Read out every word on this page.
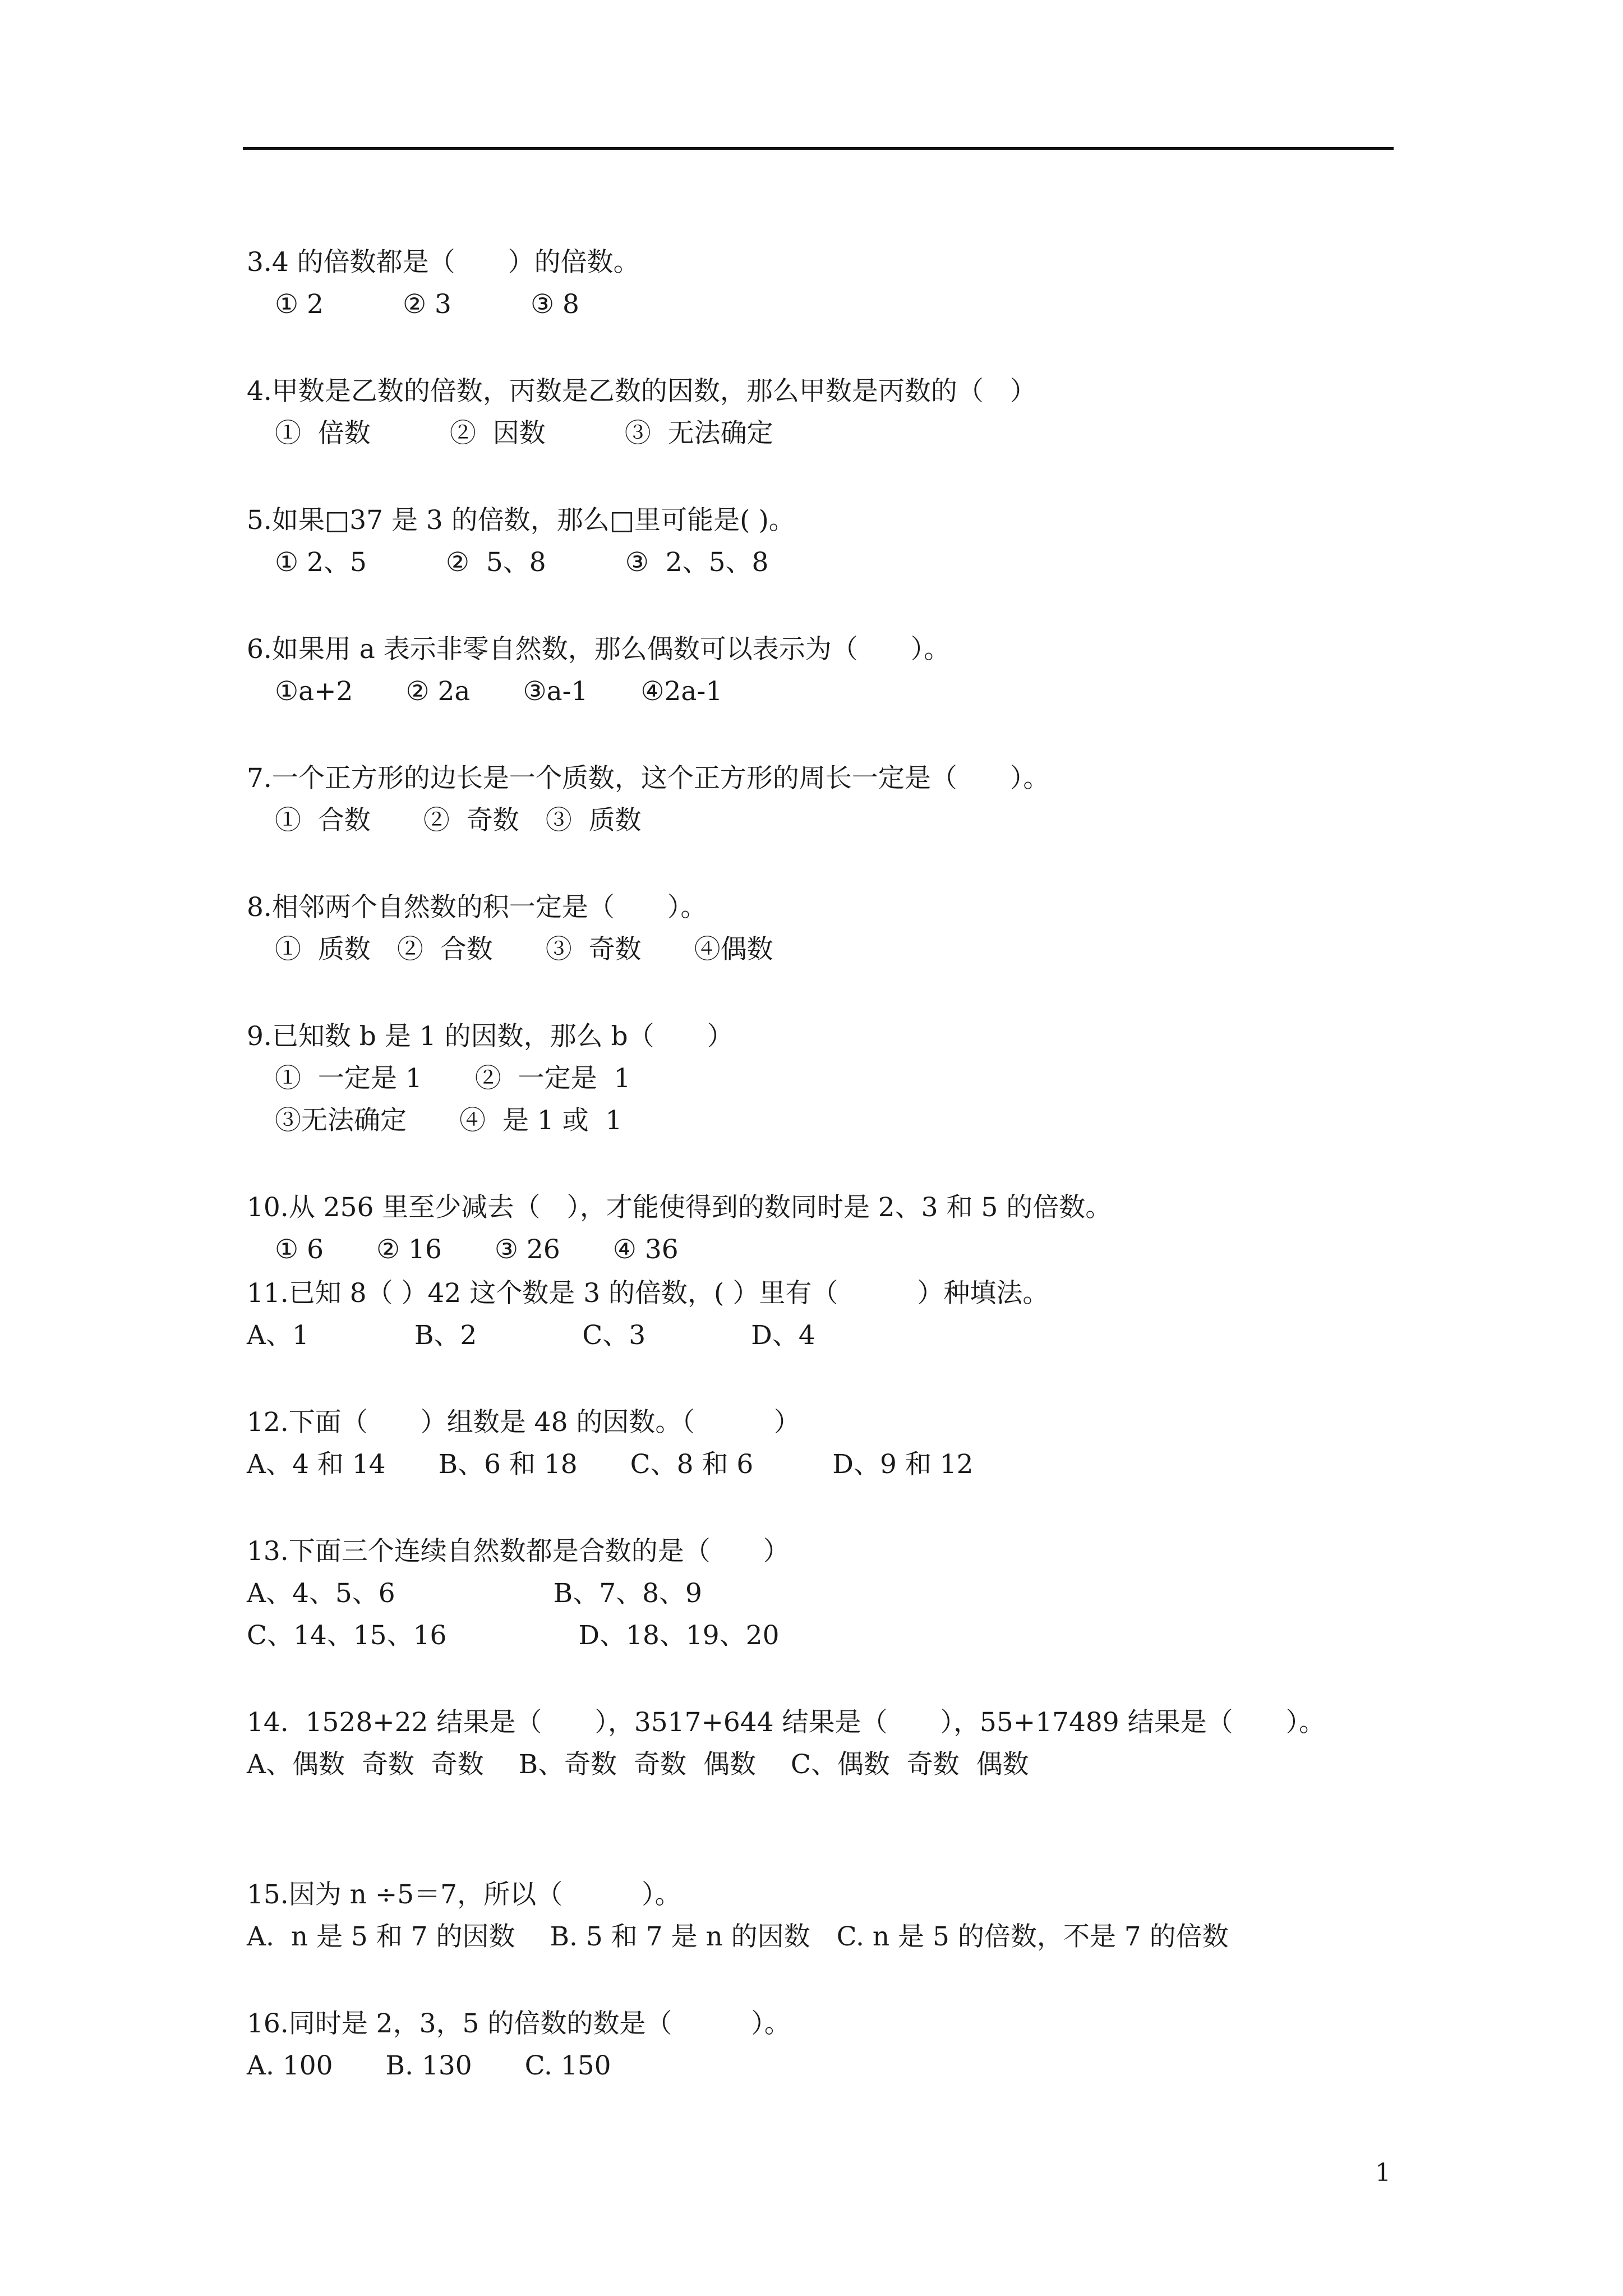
3.4 的倍数都是（　　）的倍数。
① 2　　　② 3　　　③ 8
4.甲数是乙数的倍数，丙数是乙数的因数，那么甲数是丙数的（　）
①  倍数　　　②  因数　　　③  无法确定
5.如果□37 是 3 的倍数，那么□里可能是( )。
① 2、5　　　②  5、8　　　③  2、5、8
6.如果用 a 表示非零自然数，那么偶数可以表示为（　　）。
①a+2　　② 2a　　③a-1　　④2a-1
7.一个正方形的边长是一个质数，这个正方形的周长一定是（　　）。
①  合数　　②  奇数　③  质数
8.相邻两个自然数的积一定是（　　）。
①  质数　②  合数　　③  奇数　　④偶数
9.已知数 b 是 1 的因数，那么 b（　　）
①  一定是 1　　②  一定是  1
③无法确定　　④  是 1 或  1
10.从 256 里至少减去（　），才能使得到的数同时是 2、3 和 5 的倍数。
① 6　　② 16　　③ 26　　④ 36
11.已知 8（ ）42 这个数是 3 的倍数，( ）里有（　　　）种填法。
A、1　　　　B、2　　　　C、3　　　　D、4
12.下面（　　）组数是 48 的因数。（　　　）
A、4 和 14　　B、6 和 18　　C、8 和 6　　　D、9 和 12
13.下面三个连续自然数都是合数的是（　　）
A、4、5、6　　　　　　B、7、8、9
C、14、15、16　　　　　D、18、19、20
14.  1528+22 结果是（　　），3517+644 结果是（　　），55+17489 结果是（　　）。
A、偶数  奇数  奇数　 B、奇数  奇数  偶数　 C、偶数  奇数  偶数
15.因为 n ÷5＝7，所以（　　　）。
A.  n 是 5 和 7 的因数　 B. 5 和 7 是 n 的因数　C. n 是 5 的倍数，不是 7 的倍数
16.同时是 2，3，5 的倍数的数是（　　　）。
A. 100　　B. 130　　C. 150
1
